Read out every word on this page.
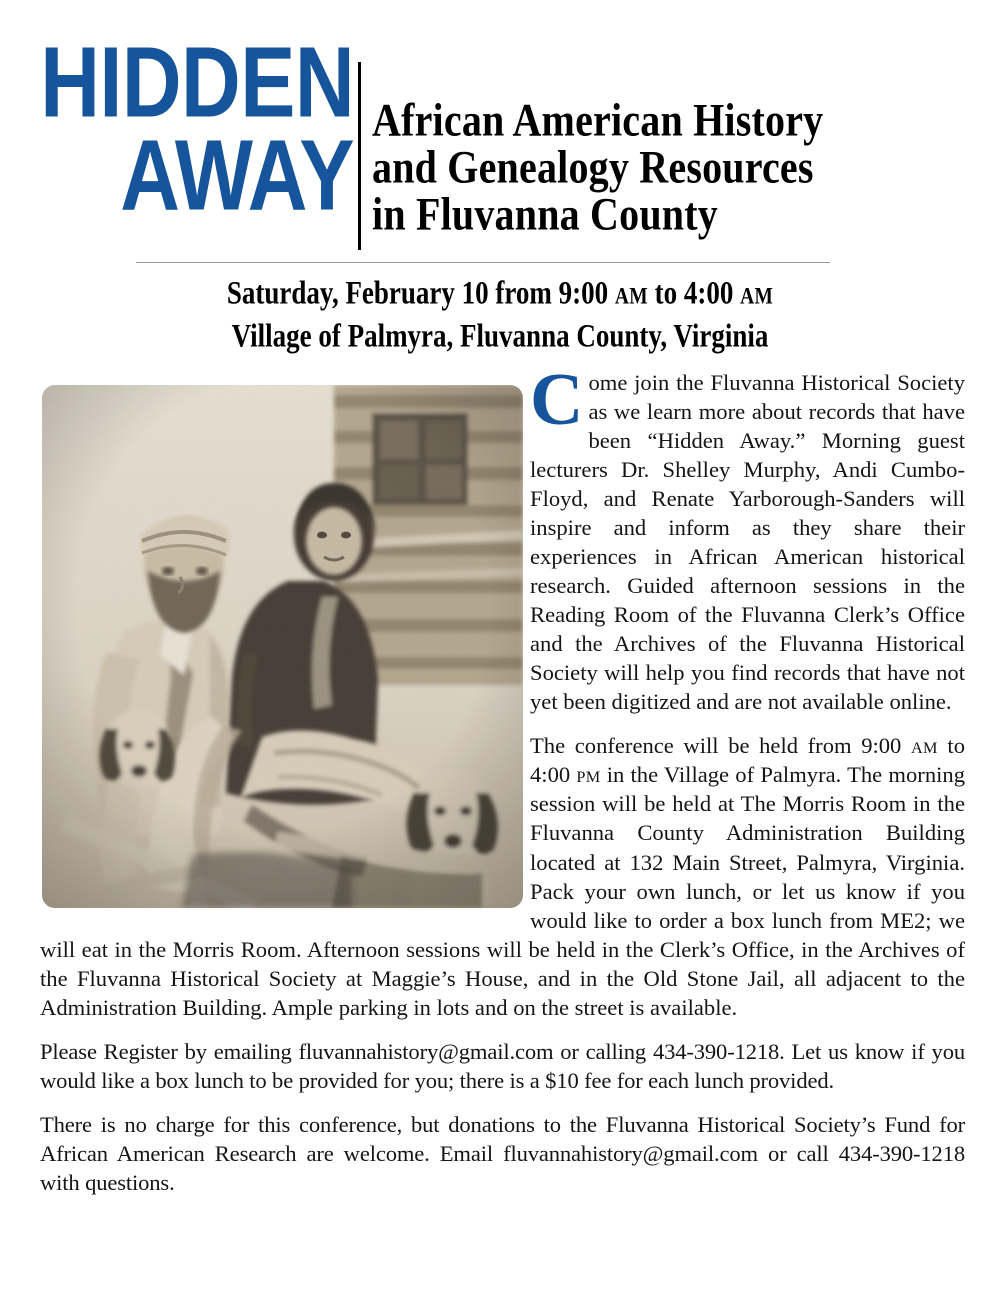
HIDDEN
AWAY African American History
and Genealogy Resources
in Fluvanna County
Saturday, February 10 from 9:00 AM to 4:00 AM
Village of Palmyra, Fluvanna County, Virginia

Come join the Fluvanna Historical Society as we learn more about records that have been “Hidden Away.” Morning guest lecturers Dr. Shelley Murphy, Andi Cumbo-Floyd, and Renate Yarborough-Sanders will inspire and inform as they share their experiences in African American historical research. Guided afternoon sessions in the Reading Room of the Fluvanna Clerk’s Office and the Archives of the Fluvanna Historical Society will help you find records that have not yet been digitized and are not available online.

The conference will be held from 9:00 AM to 4:00 PM in the Village of Palmyra. The morning session will be held at The Morris Room in the Fluvanna County Administration Building located at 132 Main Street, Palmyra, Virginia. Pack your own lunch, or let us know if you would like to order a box lunch from ME2; we will eat in the Morris Room. Afternoon sessions will be held in the Clerk’s Office, in the Archives of the Fluvanna Historical Society at Maggie’s House, and in the Old Stone Jail, all adjacent to the Administration Building. Ample parking in lots and on the street is available.

Please Register by emailing fluvannahistory@gmail.com or calling 434-390-1218. Let us know if you would like a box lunch to be provided for you; there is a $10 fee for each lunch provided.

There is no charge for this conference, but donations to the Fluvanna Historical Society’s Fund for African American Research are welcome. Email fluvannahistory@gmail.com or call 434-390-1218 with questions.
